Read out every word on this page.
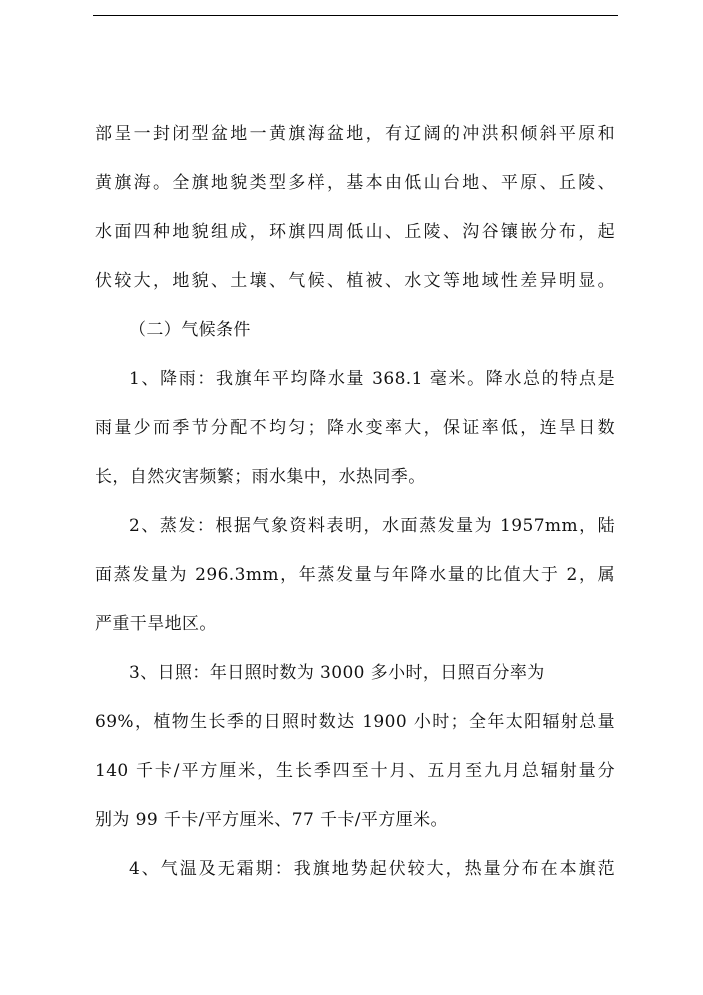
部呈一封闭型盆地一黄旗海盆地，有辽阔的冲洪积倾斜平原和
黄旗海。全旗地貌类型多样，基本由低山台地、平原、丘陵、
水面四种地貌组成，环旗四周低山、丘陵、沟谷镶嵌分布，起
伏较大，地貌、土壤、气候、植被、水文等地域性差异明显。
（二）气候条件
1、降雨：我旗年平均降水量 368.1 毫米。降水总的特点是
雨量少而季节分配不均匀；降水变率大，保证率低，连旱日数
长，自然灾害频繁；雨水集中，水热同季。
2、蒸发：根据气象资料表明，水面蒸发量为 1957mm，陆
面蒸发量为 296.3mm，年蒸发量与年降水量的比值大于 2，属
严重干旱地区。
3、日照：年日照时数为 3000 多小时，日照百分率为
69%，植物生长季的日照时数达 1900 小时；全年太阳辐射总量
140 千卡/平方厘米，生长季四至十月、五月至九月总辐射量分
别为 99 千卡/平方厘米、77 千卡/平方厘米。
4、气温及无霜期：我旗地势起伏较大，热量分布在本旗范
